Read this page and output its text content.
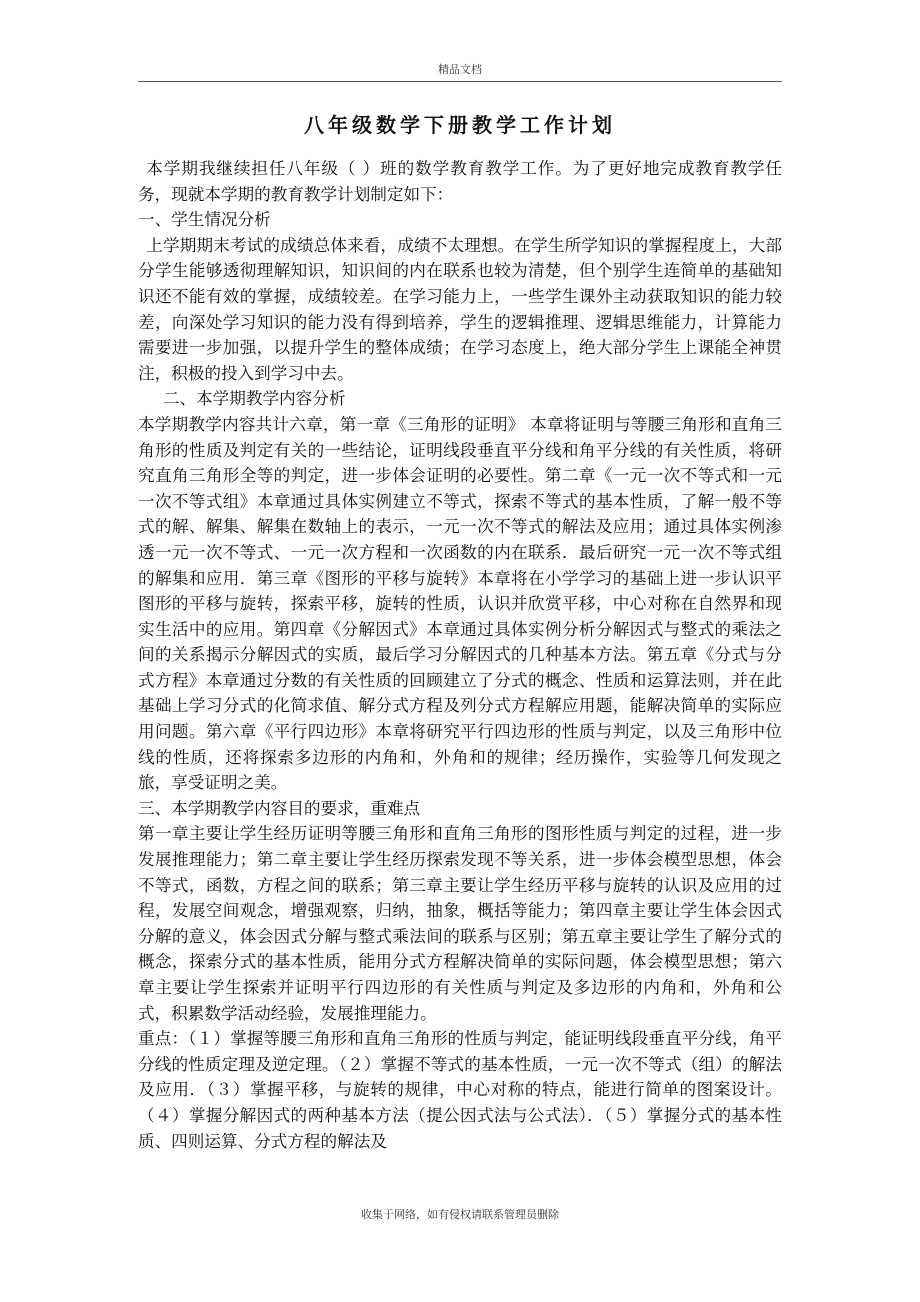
精品文档
八年级数学下册教学工作计划

本学期我继续担任八年级（ ）班的数学教育教学工作。为了更好地完成教育教学任务，现就本学期的教育教学计划制定如下：

一、学生情况分析

上学期期末考试的成绩总体来看，成绩不太理想。在学生所学知识的掌握程度上，大部分学生能够透彻理解知识，知识间的内在联系也较为清楚，但个别学生连简单的基础知识还不能有效的掌握，成绩较差。在学习能力上，一些学生课外主动获取知识的能力较差，向深处学习知识的能力没有得到培养，学生的逻辑推理、逻辑思维能力，计算能力需要进一步加强，以提升学生的整体成绩；在学习态度上，绝大部分学生上课能全神贯注，积极的投入到学习中去。

二、本学期教学内容分析

本学期教学内容共计六章，第一章《三角形的证明》 本章将证明与等腰三角形和直角三角形的性质及判定有关的一些结论，证明线段垂直平分线和角平分线的有关性质，将研究直角三角形全等的判定，进一步体会证明的必要性。第二章《一元一次不等式和一元一次不等式组》本章通过具体实例建立不等式，探索不等式的基本性质，了解一般不等式的解、解集、解集在数轴上的表示，一元一次不等式的解法及应用；通过具体实例渗透一元一次不等式、一元一次方程和一次函数的内在联系．最后研究一元一次不等式组的解集和应用．第三章《图形的平移与旋转》本章将在小学学习的基础上进一步认识平图形的平移与旋转，探索平移，旋转的性质，认识并欣赏平移，中心对称在自然界和现实生活中的应用。第四章《分解因式》本章通过具体实例分析分解因式与整式的乘法之间的关系揭示分解因式的实质，最后学习分解因式的几种基本方法。第五章《分式与分式方程》本章通过分数的有关性质的回顾建立了分式的概念、性质和运算法则，并在此基础上学习分式的化简求值、解分式方程及列分式方程解应用题，能解决简单的实际应用问题。第六章《平行四边形》本章将研究平行四边形的性质与判定，以及三角形中位线的性质，还将探索多边形的内角和，外角和的规律；经历操作，实验等几何发现之旅，享受证明之美。

三、本学期教学内容目的要求，重难点

第一章主要让学生经历证明等腰三角形和直角三角形的图形性质与判定的过程，进一步发展推理能力；第二章主要让学生经历探索发现不等关系，进一步体会模型思想，体会不等式，函数，方程之间的联系；第三章主要让学生经历平移与旋转的认识及应用的过程，发展空间观念，增强观察，归纳，抽象，概括等能力；第四章主要让学生体会因式分解的意义，体会因式分解与整式乘法间的联系与区别；第五章主要让学生了解分式的概念，探索分式的基本性质，能用分式方程解决简单的实际问题，体会模型思想；第六章主要让学生探索并证明平行四边形的有关性质与判定及多边形的内角和，外角和公式，积累数学活动经验，发展推理能力。

重点：（１）掌握等腰三角形和直角三角形的性质与判定，能证明线段垂直平分线，角平分线的性质定理及逆定理。（２）掌握不等式的基本性质，一元一次不等式（组）的解法及应用．（３）掌握平移，与旋转的规律，中心对称的特点，能进行简单的图案设计。（４）掌握分解因式的两种基本方法（提公因式法与公式法）．（５）掌握分式的基本性质、四则运算、分式方程的解法及

收集于网络，如有侵权请联系管理员删除
